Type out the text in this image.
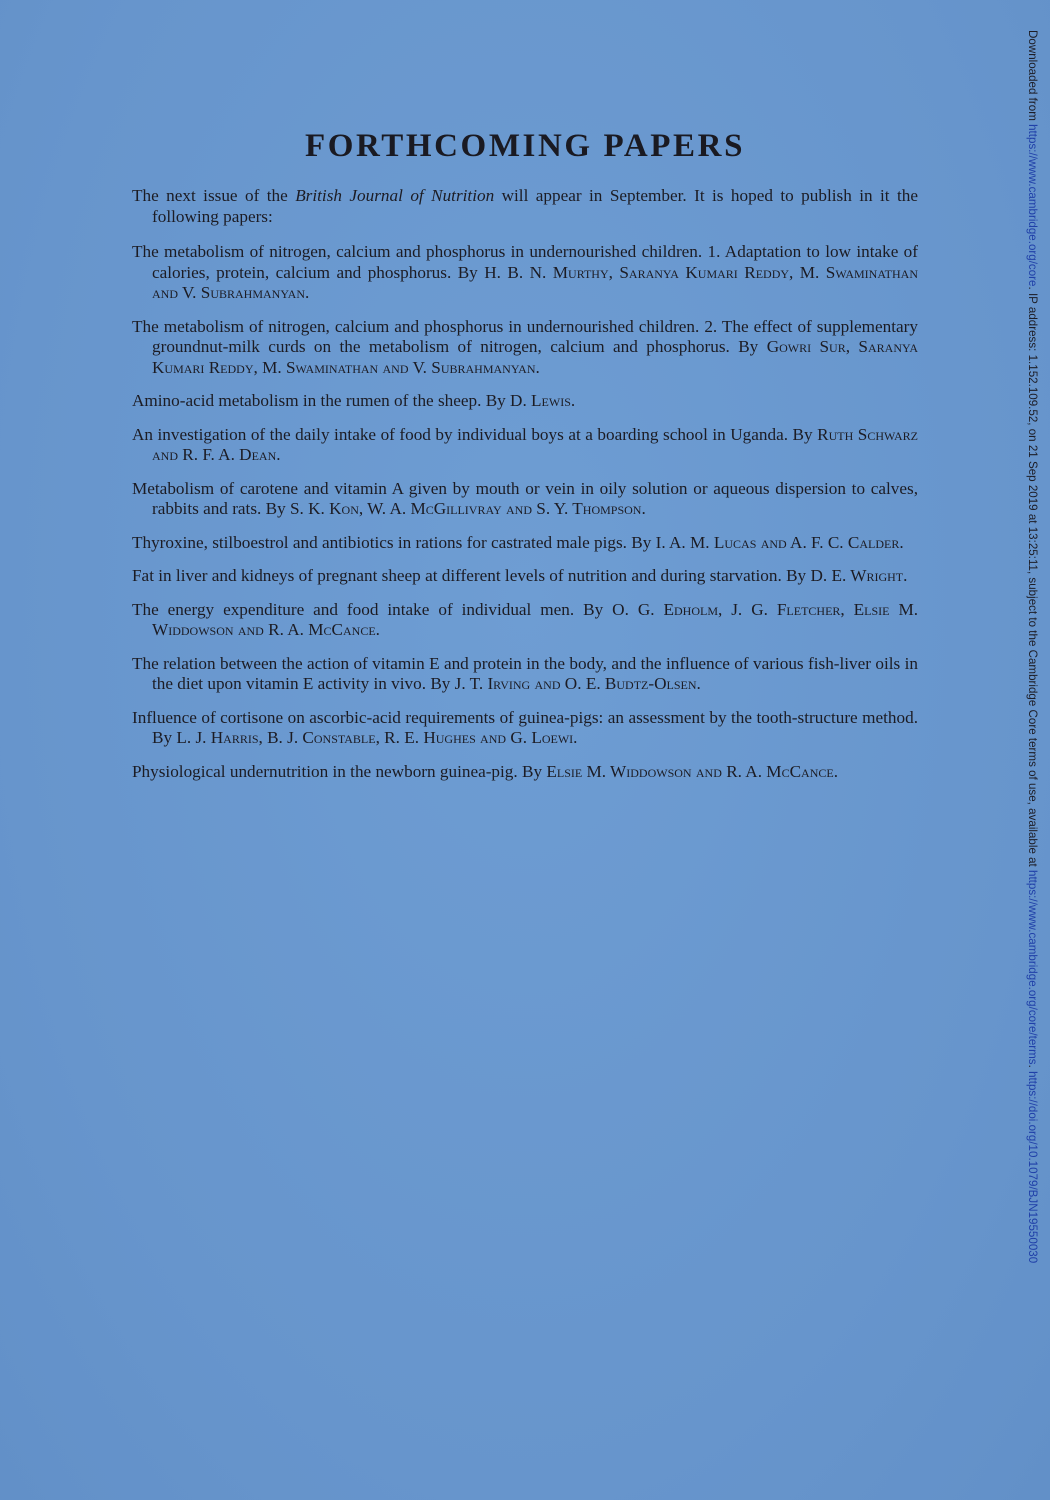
FORTHCOMING PAPERS

The next issue of the British Journal of Nutrition will appear in September. It is hoped to publish in it the following papers:

The metabolism of nitrogen, calcium and phosphorus in undernourished children. 1. Adaptation to low intake of calories, protein, calcium and phosphorus. By H. B. N. Murthy, Saranya Kumari Reddy, M. Swaminathan and V. Subrahmanyan.

The metabolism of nitrogen, calcium and phosphorus in undernourished children. 2. The effect of supplementary groundnut-milk curds on the metabolism of nitrogen, calcium and phosphorus. By Gowri Sur, Saranya Kumari Reddy, M. Swaminathan and V. Subrahmanyan.

Amino-acid metabolism in the rumen of the sheep. By D. Lewis.

An investigation of the daily intake of food by individual boys at a boarding school in Uganda. By Ruth Schwarz and R. F. A. Dean.

Metabolism of carotene and vitamin A given by mouth or vein in oily solution or aqueous dispersion to calves, rabbits and rats. By S. K. Kon, W. A. McGillivray and S. Y. Thompson.

Thyroxine, stilboestrol and antibiotics in rations for castrated male pigs. By I. A. M. Lucas and A. F. C. Calder.

Fat in liver and kidneys of pregnant sheep at different levels of nutrition and during starvation. By D. E. Wright.

The energy expenditure and food intake of individual men. By O. G. Edholm, J. G. Fletcher, Elsie M. Widdowson and R. A. McCance.

The relation between the action of vitamin E and protein in the body, and the influence of various fish-liver oils in the diet upon vitamin E activity in vivo. By J. T. Irving and O. E. Budtz-Olsen.

Influence of cortisone on ascorbic-acid requirements of guinea-pigs: an assessment by the tooth-structure method. By L. J. Harris, B. J. Constable, R. E. Hughes and G. Loewi.

Physiological undernutrition in the newborn guinea-pig. By Elsie M. Widdowson and R. A. McCance.

Downloaded from https://www.cambridge.org/core. IP address: 1.152.109.52, on 21 Sep 2019 at 13:25:11, subject to the Cambridge Core terms of use, available at https://www.cambridge.org/core/terms. https://doi.org/10.1079/BJN19550030
